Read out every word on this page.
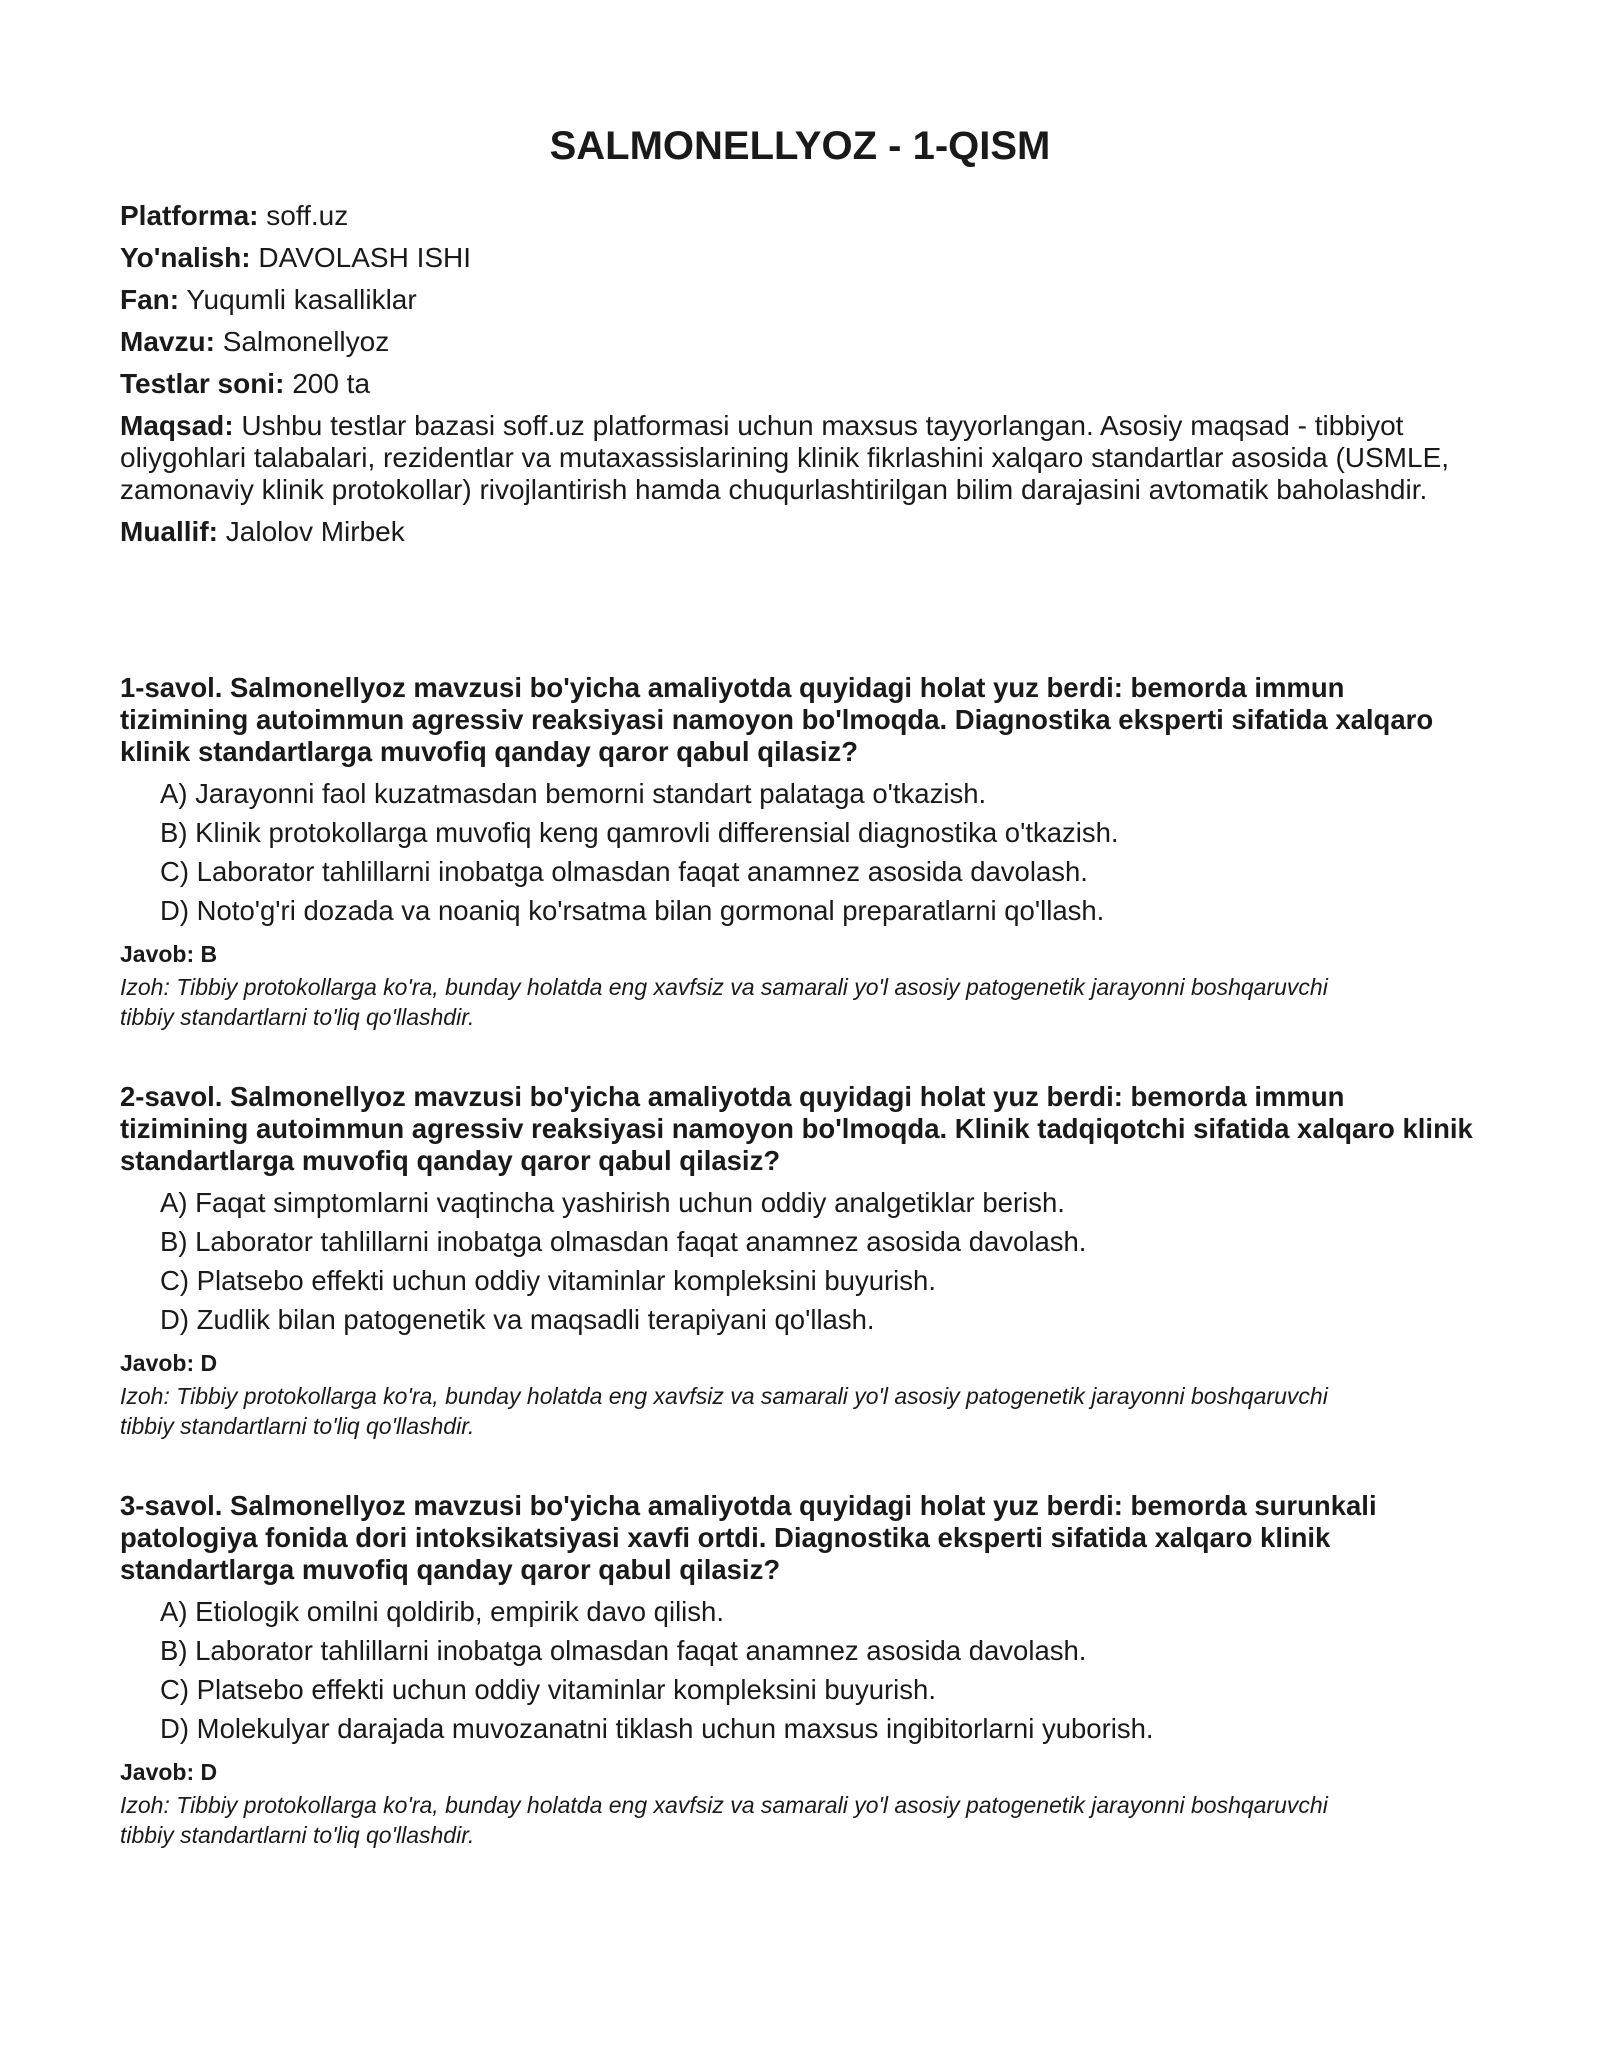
SALMONELLYOZ - 1-QISM

Platforma: soff.uz

Yo'nalish: DAVOLASH ISHI

Fan: Yuqumli kasalliklar

Mavzu: Salmonellyoz

Testlar soni: 200 ta

Maqsad: Ushbu testlar bazasi soff.uz platformasi uchun maxsus tayyorlangan. Asosiy maqsad - tibbiyot oliygohlari talabalari, rezidentlar va mutaxassislarining klinik fikrlashini xalqaro standartlar asosida (USMLE, zamonaviy klinik protokollar) rivojlantirish hamda chuqurlashtirilgan bilim darajasini avtomatik baholashdir.

Muallif: Jalolov Mirbek

1-savol. Salmonellyoz mavzusi bo'yicha amaliyotda quyidagi holat yuz berdi: bemorda immun tizimining autoimmun agressiv reaksiyasi namoyon bo'lmoqda. Diagnostika eksperti sifatida xalqaro klinik standartlarga muvofiq qanday qaror qabul qilasiz?

A) Jarayonni faol kuzatmasdan bemorni standart palataga o'tkazish.
B) Klinik protokollarga muvofiq keng qamrovli differensial diagnostika o'tkazish.
C) Laborator tahlillarni inobatga olmasdan faqat anamnez asosida davolash.
D) Noto'g'ri dozada va noaniq ko'rsatma bilan gormonal preparatlarni qo'llash.

Javob: B

Izoh: Tibbiy protokollarga ko'ra, bunday holatda eng xavfsiz va samarali yo'l asosiy patogenetik jarayonni boshqaruvchi tibbiy standartlarni to'liq qo'llashdir.

2-savol. Salmonellyoz mavzusi bo'yicha amaliyotda quyidagi holat yuz berdi: bemorda immun tizimining autoimmun agressiv reaksiyasi namoyon bo'lmoqda. Klinik tadqiqotchi sifatida xalqaro klinik standartlarga muvofiq qanday qaror qabul qilasiz?

A) Faqat simptomlarni vaqtincha yashirish uchun oddiy analgetiklar berish.
B) Laborator tahlillarni inobatga olmasdan faqat anamnez asosida davolash.
C) Platsebo effekti uchun oddiy vitaminlar kompleksini buyurish.
D) Zudlik bilan patogenetik va maqsadli terapiyani qo'llash.

Javob: D

Izoh: Tibbiy protokollarga ko'ra, bunday holatda eng xavfsiz va samarali yo'l asosiy patogenetik jarayonni boshqaruvchi tibbiy standartlarni to'liq qo'llashdir.

3-savol. Salmonellyoz mavzusi bo'yicha amaliyotda quyidagi holat yuz berdi: bemorda surunkali patologiya fonida dori intoksikatsiyasi xavfi ortdi. Diagnostika eksperti sifatida xalqaro klinik standartlarga muvofiq qanday qaror qabul qilasiz?

A) Etiologik omilni qoldirib, empirik davo qilish.
B) Laborator tahlillarni inobatga olmasdan faqat anamnez asosida davolash.
C) Platsebo effekti uchun oddiy vitaminlar kompleksini buyurish.
D) Molekulyar darajada muvozanatni tiklash uchun maxsus ingibitorlarni yuborish.

Javob: D

Izoh: Tibbiy protokollarga ko'ra, bunday holatda eng xavfsiz va samarali yo'l asosiy patogenetik jarayonni boshqaruvchi tibbiy standartlarni to'liq qo'llashdir.
